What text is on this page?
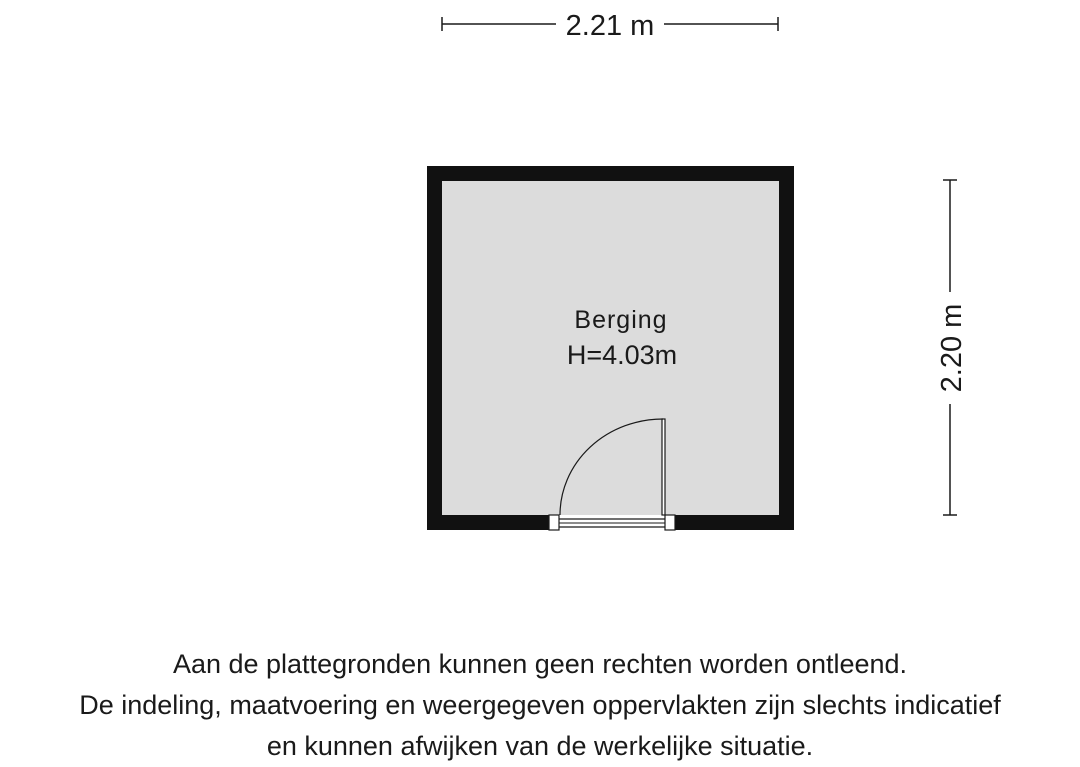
2.21 m
2.20 m
Berging
H=4.03m
Aan de plattegronden kunnen geen rechten worden ontleend.
De indeling, maatvoering en weergegeven oppervlakten zijn slechts indicatief
en kunnen afwijken van de werkelijke situatie.
